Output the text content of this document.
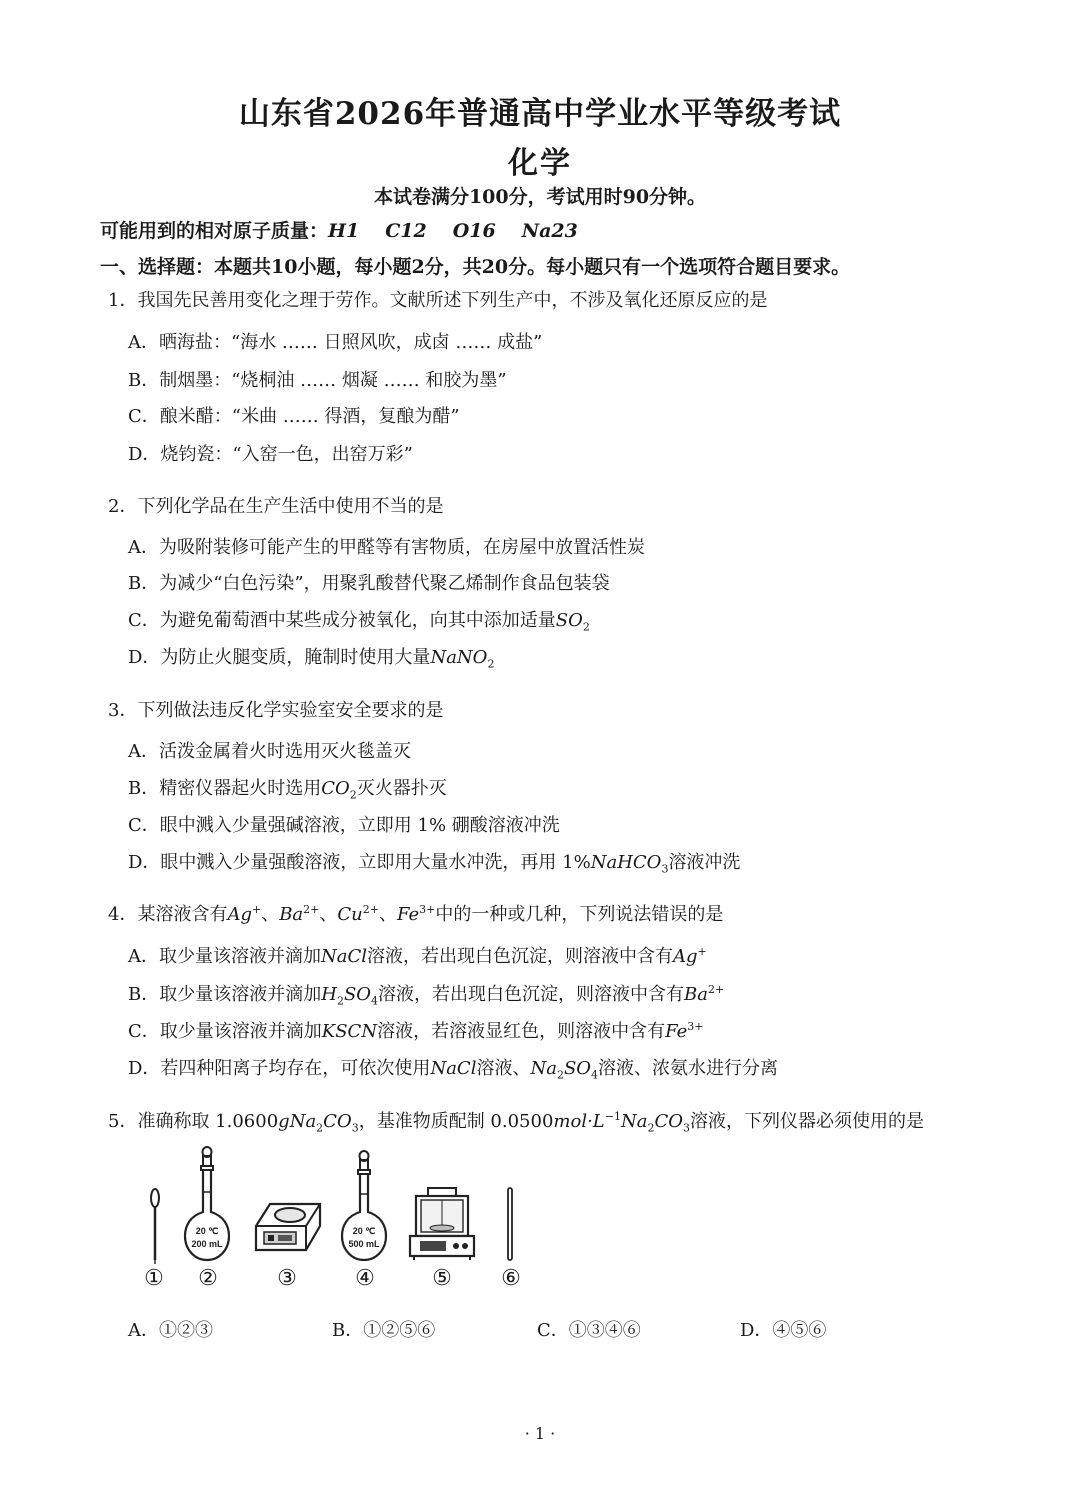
山东省2026年普通高中学业水平等级考试
化学
本试卷满分100分，考试用时90分钟。
可能用到的相对原子质量：H1 C12 O16 Na23
一、选择题：本题共10小题，每小题2分，共20分。每小题只有一个选项符合题目要求。
1．我国先民善用变化之理于劳作。文献所述下列生产中，不涉及氧化还原反应的是
A．晒海盐：“海水 …… 日照风吹，成卤 …… 成盐”
B．制烟墨：“烧桐油 …… 烟凝 …… 和胶为墨”
C．酿米醋：“米曲 …… 得酒，复酿为醋”
D．烧钧瓷：“入窑一色，出窑万彩”
2．下列化学品在生产生活中使用不当的是
A．为吸附装修可能产生的甲醛等有害物质，在房屋中放置活性炭
B．为减少“白色污染”，用聚乳酸替代聚乙烯制作食品包装袋
C．为避免葡萄酒中某些成分被氧化，向其中添加适量$SO_2$
D．为防止火腿变质，腌制时使用大量NaNO$_2$
3．下列做法违反化学实验室安全要求的是
A．活泼金属着火时选用灭火毯盖灭
B．精密仪器起火时选用$CO_2$灭火器扑灭
C．眼中溅入少量强碱溶液，立即用 1% 硼酸溶液冲洗
D．眼中溅入少量强酸溶液，立即用大量水冲洗，再用 1%NaHCO$_3$溶液冲洗
4．某溶液含有Ag+、$Ba^{2+}$、$Cu^{2+}$、$Fe^{3+}$中的一种或几种，下列说法错误的是
A．取少量该溶液并滴加NaCl溶液，若出现白色沉淀，则溶液中含有Ag+
B．取少量该溶液并滴加$H_2SO_4$溶液，若出现白色沉淀，则溶液中含有$Ba^{2+}$
C．取少量该溶液并滴加KSCN溶液，若溶液显红色，则溶液中含有$Fe^{3+}$
D．若四种阳离子均存在，可依次使用NaCl溶液、$Na_2SO_4$溶液、浓氨水进行分离
5．准确称取 $1.0600gNa_2CO_3$，基准物质配制 $0.0500mol\cdot L^{-1}Na_2CO_3$溶液，下列仪器必须使用的是
20 ℃
200 mL
20 ℃
500 mL
① ②	③	④	⑤ ⑥
A．①②③	B．①②⑤⑥	C．①③④⑥	D．④⑤⑥
· 1 ·
